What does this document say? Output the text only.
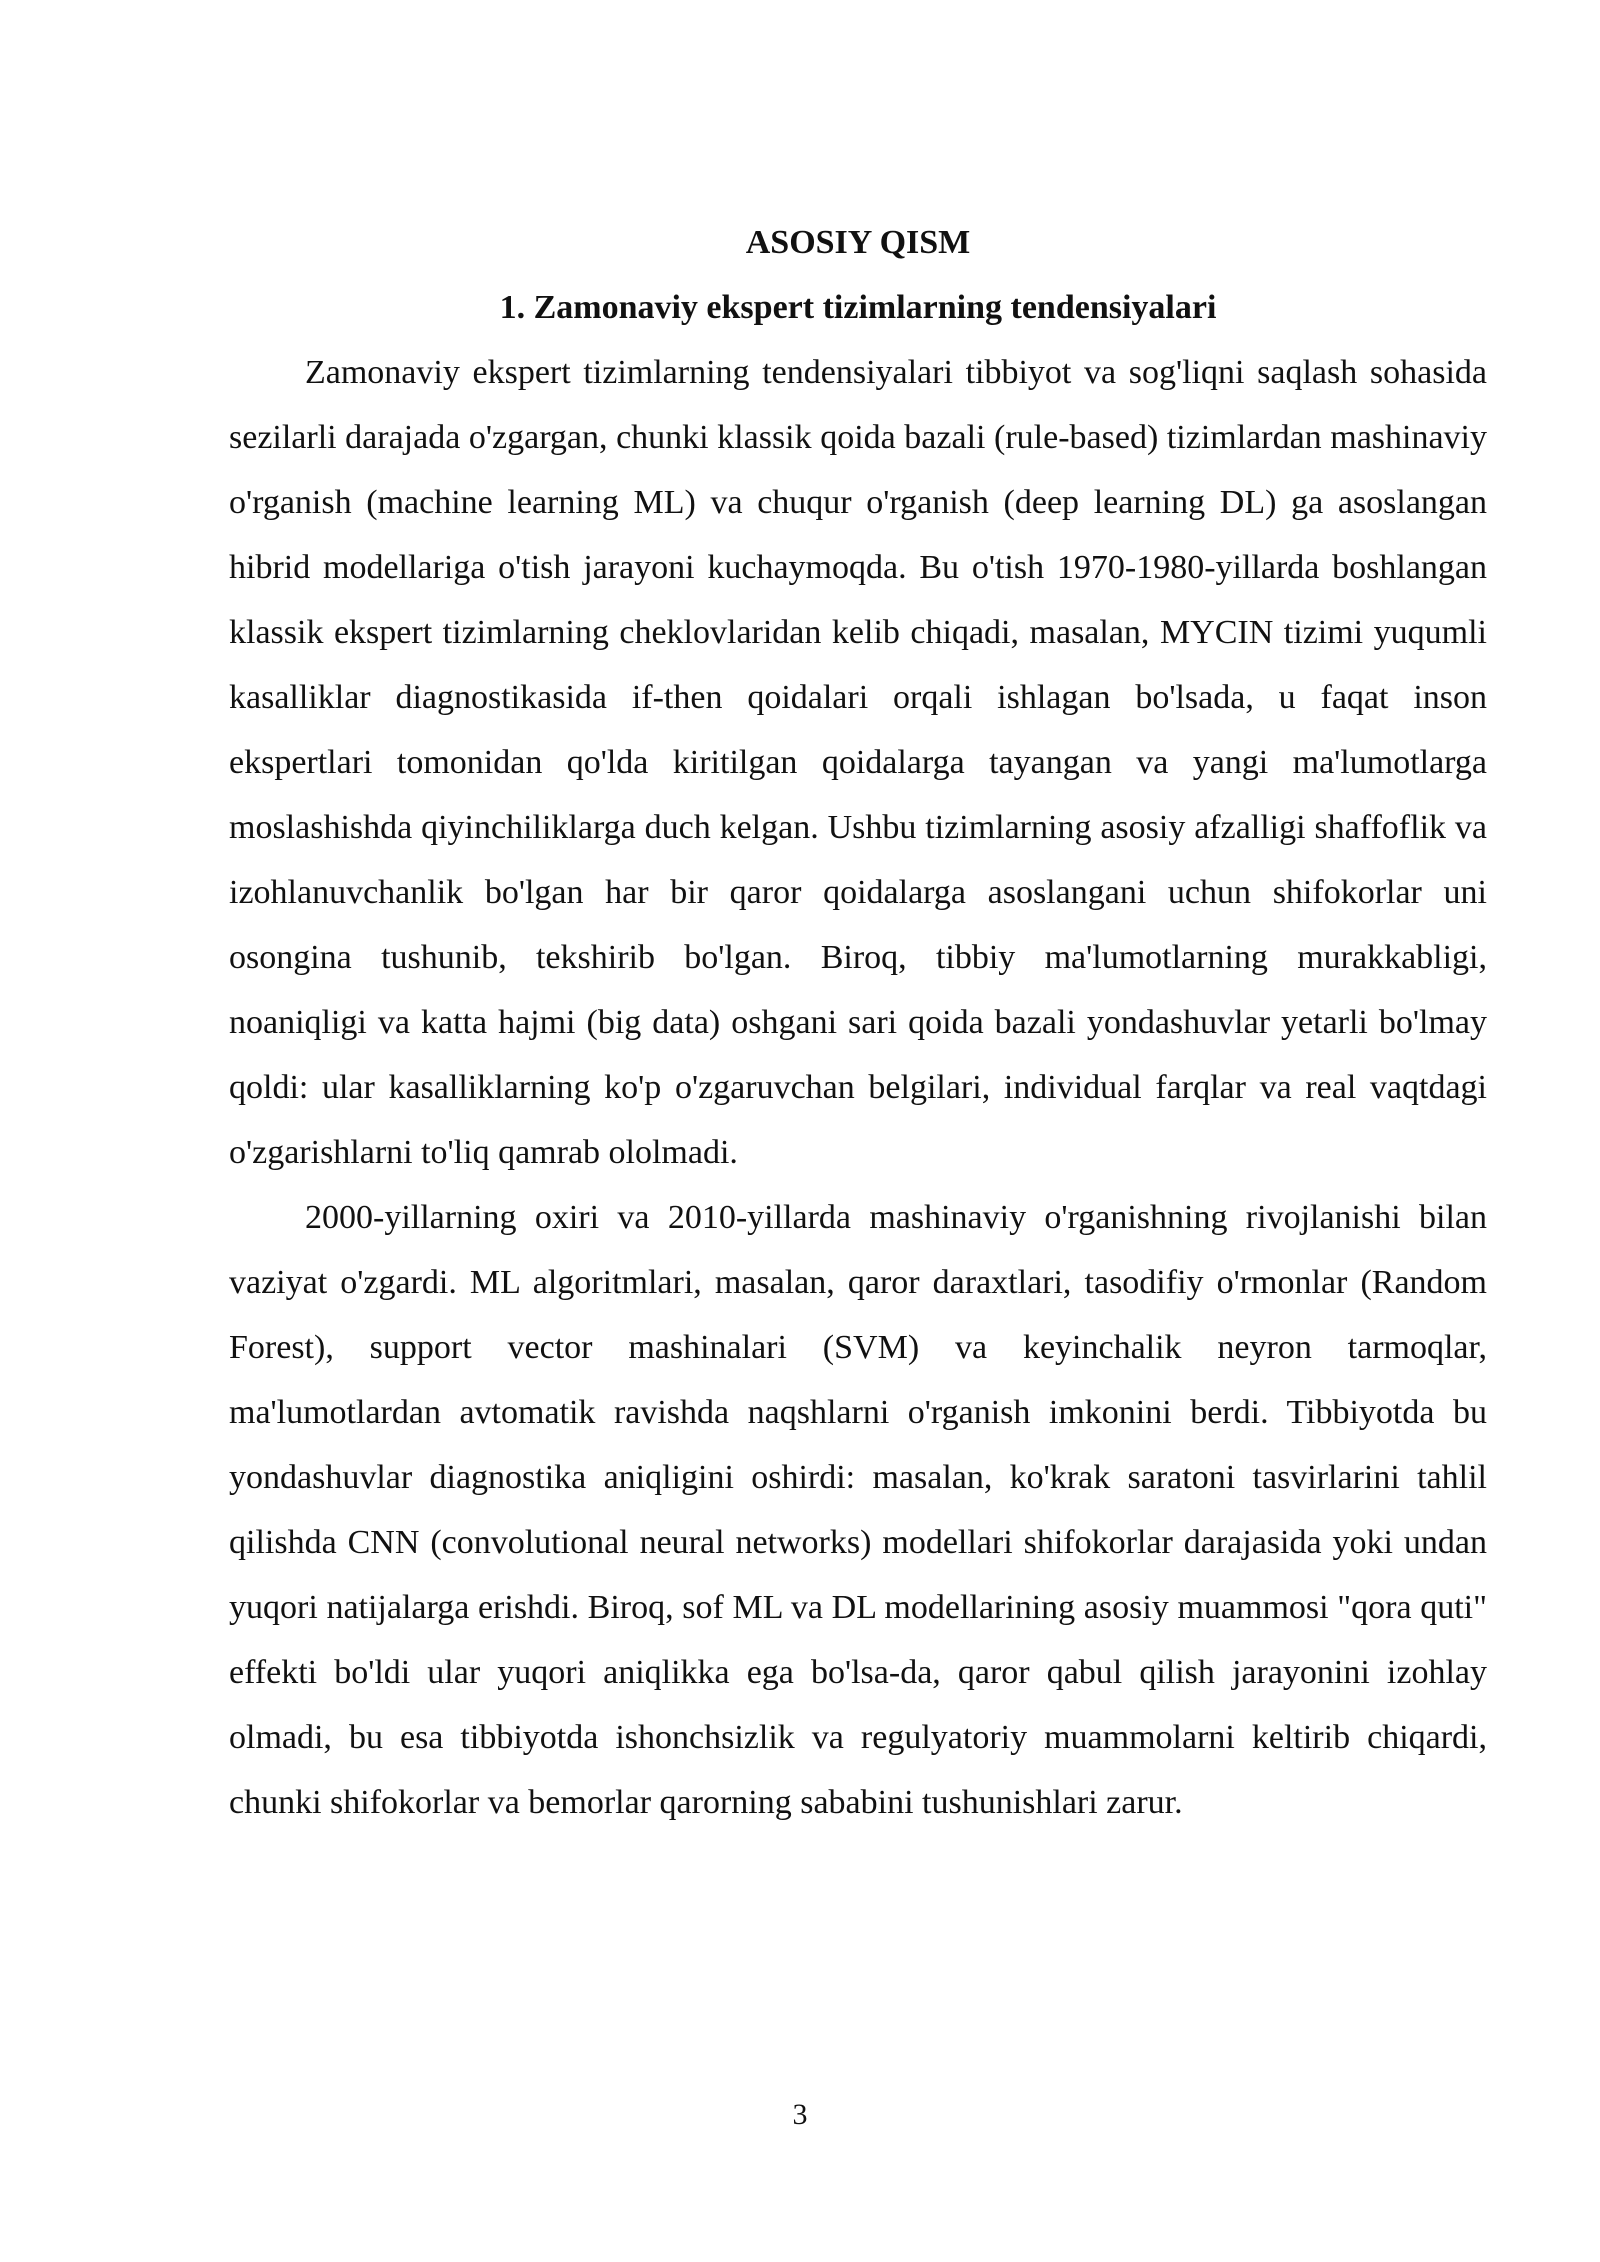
ASOSIY QISM
1. Zamonaviy ekspert tizimlarning tendensiyalari

Zamonaviy ekspert tizimlarning tendensiyalari tibbiyot va sog'liqni saqlash sohasida sezilarli darajada o'zgargan, chunki klassik qoida bazali (rule-based) tizimlardan mashinaviy o'rganish (machine learning ML) va chuqur o'rganish (deep learning DL) ga asoslangan hibrid modellariga o'tish jarayoni kuchaymoqda. Bu o'tish 1970-1980-yillarda boshlangan klassik ekspert tizimlarning cheklovlaridan kelib chiqadi, masalan, MYCIN tizimi yuqumli kasalliklar diagnostikasida if-then qoidalari orqali ishlagan bo'lsada, u faqat inson ekspertlari tomonidan qo'lda kiritilgan qoidalarga tayangan va yangi ma'lumotlarga moslashishda qiyinchiliklarga duch kelgan. Ushbu tizimlarning asosiy afzalligi shaffoflik va izohlanuvchanlik bo'lgan har bir qaror qoidalarga asoslangani uchun shifokorlar uni osongina tushunib, tekshirib bo'lgan. Biroq, tibbiy ma'lumotlarning murakkabligi, noaniqligi va katta hajmi (big data) oshgani sari qoida bazali yondashuvlar yetarli bo'lmay qoldi: ular kasalliklarning ko'p o'zgaruvchan belgilari, individual farqlar va real vaqtdagi o'zgarishlarni to'liq qamrab ololmadi.

2000-yillarning oxiri va 2010-yillarda mashinaviy o'rganishning rivojlanishi bilan vaziyat o'zgardi. ML algoritmlari, masalan, qaror daraxtlari, tasodifiy o'rmonlar (Random Forest), support vector mashinalari (SVM) va keyinchalik neyron tarmoqlar, ma'lumotlardan avtomatik ravishda naqshlarni o'rganish imkonini berdi. Tibbiyotda bu yondashuvlar diagnostika aniqligini oshirdi: masalan, ko'krak saratoni tasvirlarini tahlil qilishda CNN (convolutional neural networks) modellari shifokorlar darajasida yoki undan yuqori natijalarga erishdi. Biroq, sof ML va DL modellarining asosiy muammosi "qora quti" effekti bo'ldi ular yuqori aniqlikka ega bo'lsa-da, qaror qabul qilish jarayonini izohlay olmadi, bu esa tibbiyotda ishonchsizlik va regulyatoriy muammolarni keltirib chiqardi, chunki shifokorlar va bemorlar qarorning sababini tushunishlari zarur.

3
